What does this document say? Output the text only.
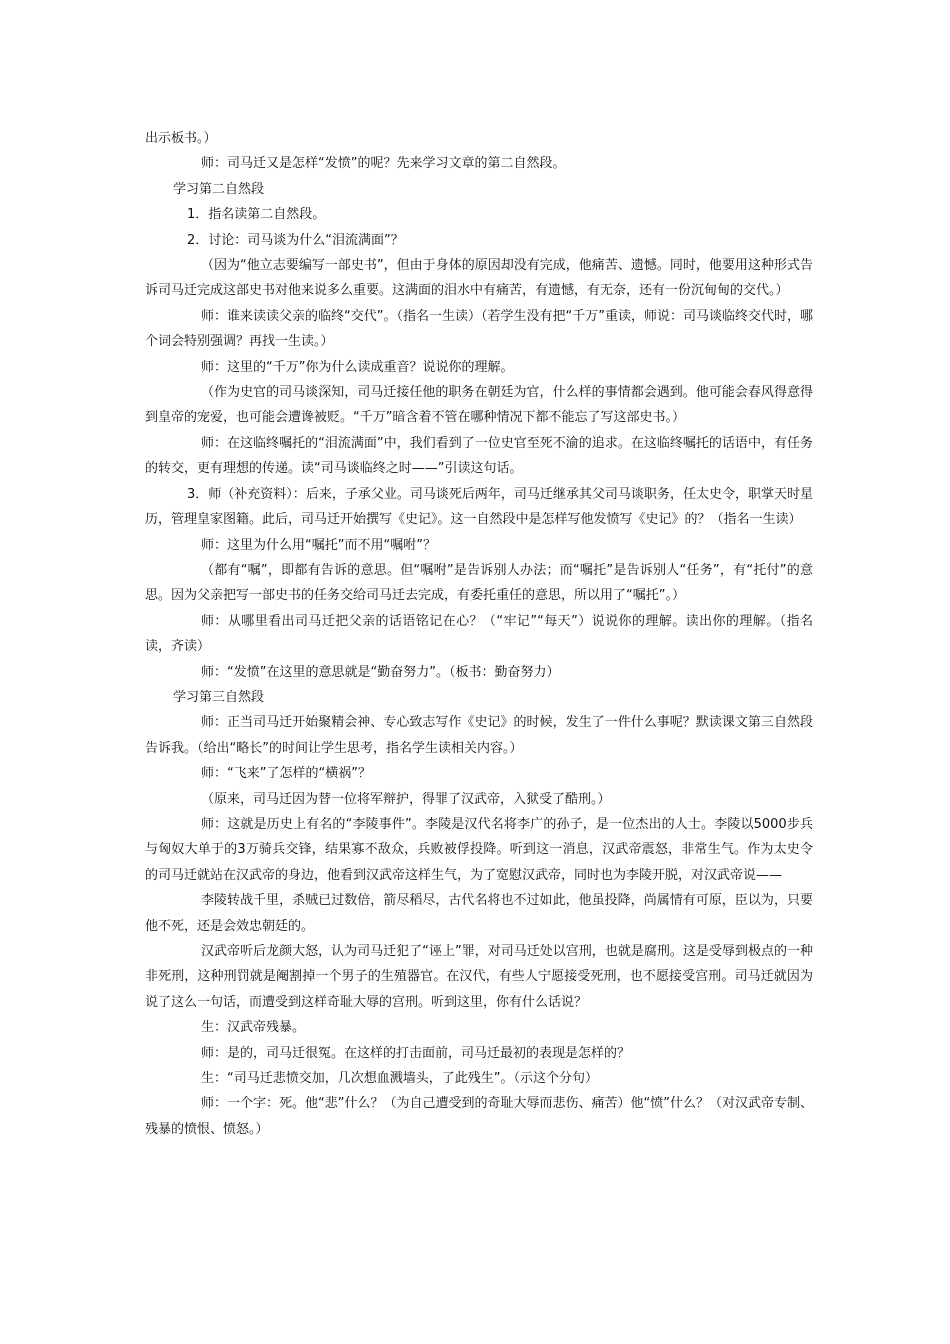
出示板书。）

师：司马迁又是怎样“发愤”的呢？先来学习文章的第二自然段。

学习第二自然段

1．指名读第二自然段。

2．讨论：司马谈为什么“泪流满面”？

（因为“他立志要编写一部史书”，但由于身体的原因却没有完成，他痛苦、遗憾。同时，他要用这种形式告诉司马迁完成这部史书对他来说多么重要。这满面的泪水中有痛苦，有遗憾，有无奈，还有一份沉甸甸的交代。）

师：谁来读读父亲的临终“交代”。（指名一生读）（若学生没有把“千万”重读，师说：司马谈临终交代时，哪个词会特别强调？再找一生读。）

师：这里的“千万”你为什么读成重音？说说你的理解。

（作为史官的司马谈深知，司马迁接任他的职务在朝廷为官，什么样的事情都会遇到。他可能会春风得意得到皇帝的宠爱，也可能会遭谗被贬。“千万”暗含着不管在哪种情况下都不能忘了写这部史书。）

师：在这临终嘱托的“泪流满面”中，我们看到了一位史官至死不渝的追求。在这临终嘱托的话语中，有任务的转交，更有理想的传递。读“司马谈临终之时——”引读这句话。

3．师（补充资料）：后来，子承父业。司马谈死后两年，司马迁继承其父司马谈职务，任太史令，职掌天时星历，管理皇家图籍。此后，司马迁开始撰写《史记》。这一自然段中是怎样写他发愤写《史记》的？（指名一生读）

师：这里为什么用“嘱托”而不用“嘱咐”？

（都有“嘱”，即都有告诉的意思。但“嘱咐”是告诉别人办法；而“嘱托”是告诉别人“任务”，有“托付”的意思。因为父亲把写一部史书的任务交给司马迁去完成，有委托重任的意思，所以用了“嘱托”。）

师：从哪里看出司马迁把父亲的话语铭记在心？（“牢记”“每天”）说说你的理解。读出你的理解。（指名读，齐读）

师：“发愤”在这里的意思就是“勤奋努力”。（板书：勤奋努力）

学习第三自然段

师：正当司马迁开始聚精会神、专心致志写作《史记》的时候，发生了一件什么事呢？默读课文第三自然段告诉我。（给出“略长”的时间让学生思考，指名学生读相关内容。）

师：“飞来”了怎样的“横祸”？

（原来，司马迁因为替一位将军辩护，得罪了汉武帝，入狱受了酷刑。）

师：这就是历史上有名的“李陵事件”。李陵是汉代名将李广的孙子，是一位杰出的人士。李陵以5000步兵与匈奴大单于的3万骑兵交锋，结果寡不敌众，兵败被俘投降。听到这一消息，汉武帝震怒，非常生气。作为太史令的司马迁就站在汉武帝的身边，他看到汉武帝这样生气，为了宽慰汉武帝，同时也为李陵开脱，对汉武帝说——

李陵转战千里，杀贼已过数倍，箭尽稻尽，古代名将也不过如此，他虽投降，尚属情有可原，臣以为，只要他不死，还是会效忠朝廷的。

汉武帝听后龙颜大怒，认为司马迁犯了“诬上”罪，对司马迁处以宫刑，也就是腐刑。这是受辱到极点的一种非死刑，这种刑罚就是阉割掉一个男子的生殖器官。在汉代，有些人宁愿接受死刑，也不愿接受宫刑。司马迁就因为说了这么一句话，而遭受到这样奇耻大辱的宫刑。听到这里，你有什么话说？

生：汉武帝残暴。

师：是的，司马迁很冤。在这样的打击面前，司马迁最初的表现是怎样的？

生：“司马迁悲愤交加，几次想血溅墙头，了此残生”。（示这个分句）

师：一个字：死。他“悲”什么？（为自己遭受到的奇耻大辱而悲伤、痛苦）他“愤”什么？（对汉武帝专制、残暴的愤恨、愤怒。）
